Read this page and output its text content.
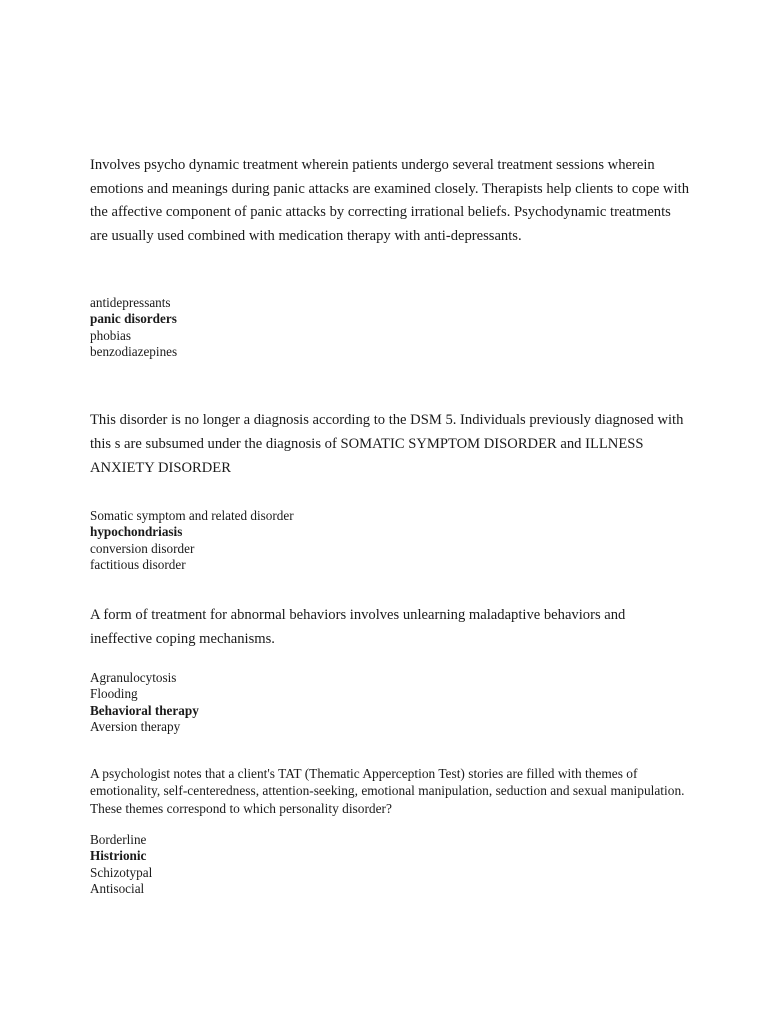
Involves psycho dynamic treatment wherein patients undergo several treatment sessions wherein emotions and meanings during panic attacks are examined closely. Therapists help clients to cope with the affective component of panic attacks by correcting irrational beliefs. Psychodynamic treatments are usually used combined with medication therapy with anti-depressants.

antidepressants
panic disorders
phobias
benzodiazepines

This disorder is no longer a diagnosis according to the DSM 5. Individuals previously diagnosed with this s are subsumed under the diagnosis of SOMATIC SYMPTOM DISORDER and ILLNESS ANXIETY DISORDER

Somatic symptom and related disorder
hypochondriasis
conversion disorder
factitious disorder

A form of treatment for abnormal behaviors involves unlearning maladaptive behaviors and ineffective coping mechanisms.

Agranulocytosis
Flooding
Behavioral therapy
Aversion therapy

A psychologist notes that a client's TAT (Thematic Apperception Test) stories are filled with themes of emotionality, self-centeredness, attention-seeking, emotional manipulation, seduction and sexual manipulation. These themes correspond to which personality disorder?

Borderline
Histrionic
Schizotypal
Antisocial
